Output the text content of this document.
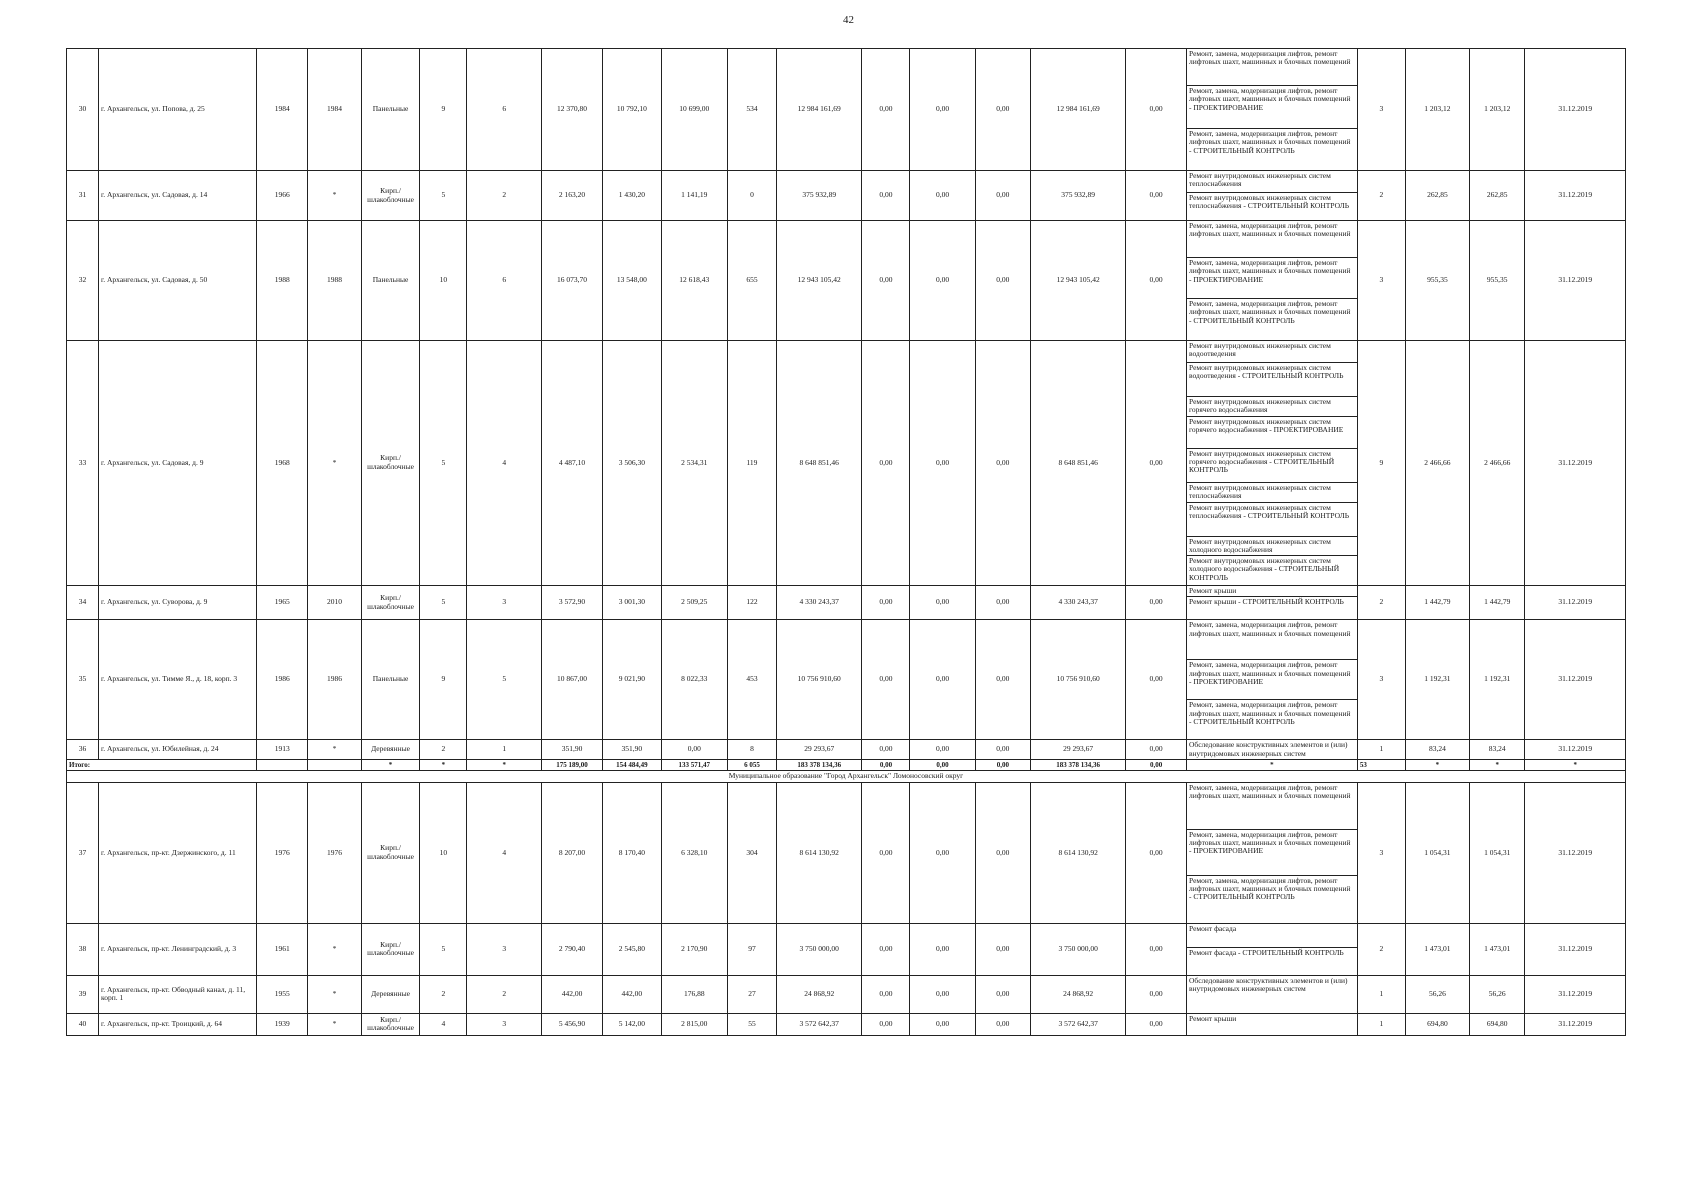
42
30	г. Архангельск, ул. Попова, д. 25	1984	1984	Панельные	9	6	12 370,80	10 792,10	10 699,00	534	12 984 161,69	0,00	0,00	0,00	12 984 161,69	0,00	Ремонт, замена, модернизация лифтов, ремонт лифтовых шахт, машинных и блочных помещений	3	1 203,12	1 203,12	31.12.2019
																	Ремонт, замена, модернизация лифтов, ремонт лифтовых шахт, машинных и блочных помещений - ПРОЕКТИРОВАНИЕ				
																	Ремонт, замена, модернизация лифтов, ремонт лифтовых шахт, машинных и блочных помещений - СТРОИТЕЛЬНЫЙ КОНТРОЛЬ				
31	г. Архангельск, ул. Садовая, д. 14	1966	*	Кирп./ шлакоблочные	5	2	2 163,20	1 430,20	1 141,19	0	375 932,89	0,00	0,00	0,00	375 932,89	0,00	Ремонт внутридомовых инженерных систем теплоснабжения	2	262,85	262,85	31.12.2019
																	Ремонт внутридомовых инженерных систем теплоснабжения - СТРОИТЕЛЬНЫЙ КОНТРОЛЬ				
32	г. Архангельск, ул. Садовая, д. 50	1988	1988	Панельные	10	6	16 073,70	13 548,00	12 618,43	655	12 943 105,42	0,00	0,00	0,00	12 943 105,42	0,00	Ремонт, замена, модернизация лифтов, ремонт лифтовых шахт, машинных и блочных помещений	3	955,35	955,35	31.12.2019
																	Ремонт, замена, модернизация лифтов, ремонт лифтовых шахт, машинных и блочных помещений - ПРОЕКТИРОВАНИЕ				
																	Ремонт, замена, модернизация лифтов, ремонт лифтовых шахт, машинных и блочных помещений - СТРОИТЕЛЬНЫЙ КОНТРОЛЬ				
33	г. Архангельск, ул. Садовая, д. 9	1968	*	Кирп./ шлакоблочные	5	4	4 487,10	3 506,30	2 534,31	119	8 648 851,46	0,00	0,00	0,00	8 648 851,46	0,00	Ремонт внутридомовых инженерных систем водоотведения	9	2 466,66	2 466,66	31.12.2019
																	Ремонт внутридомовых инженерных систем водоотведения - СТРОИТЕЛЬНЫЙ КОНТРОЛЬ				
																	Ремонт внутридомовых инженерных систем горячего водоснабжения				
																	Ремонт внутридомовых инженерных систем горячего водоснабжения - ПРОЕКТИРОВАНИЕ				
																	Ремонт внутридомовых инженерных систем горячего водоснабжения - СТРОИТЕЛЬНЫЙ КОНТРОЛЬ				
																	Ремонт внутридомовых инженерных систем теплоснабжения				
																	Ремонт внутридомовых инженерных систем теплоснабжения - СТРОИТЕЛЬНЫЙ КОНТРОЛЬ				
																	Ремонт внутридомовых инженерных систем холодного водоснабжения				
																	Ремонт внутридомовых инженерных систем холодного водоснабжения - СТРОИТЕЛЬНЫЙ КОНТРОЛЬ				
34	г. Архангельск, ул. Суворова, д. 9	1965	2010	Кирп./ шлакоблочные	5	3	3 572,90	3 001,30	2 509,25	122	4 330 243,37	0,00	0,00	0,00	4 330 243,37	0,00	Ремонт крыши	2	1 442,79	1 442,79	31.12.2019
																	Ремонт крыши - СТРОИТЕЛЬНЫЙ КОНТРОЛЬ				
35	г. Архангельск, ул. Тимме Я., д. 18, корп. 3	1986	1986	Панельные	9	5	10 867,00	9 021,90	8 022,33	453	10 756 910,60	0,00	0,00	0,00	10 756 910,60	0,00	Ремонт, замена, модернизация лифтов, ремонт лифтовых шахт, машинных и блочных помещений	3	1 192,31	1 192,31	31.12.2019
																	Ремонт, замена, модернизация лифтов, ремонт лифтовых шахт, машинных и блочных помещений - ПРОЕКТИРОВАНИЕ				
																	Ремонт, замена, модернизация лифтов, ремонт лифтовых шахт, машинных и блочных помещений - СТРОИТЕЛЬНЫЙ КОНТРОЛЬ				
36	г. Архангельск, ул. Юбилейная, д. 24	1913	*	Деревянные	2	1	351,90	351,90	0,00	8	29 293,67	0,00	0,00	0,00	29 293,67	0,00	Обследование конструктивных элементов и (или) внутридомовых инженерных систем	1	83,24	83,24	31.12.2019
Итого:				*	*	*	175 189,00	154 484,49	133 571,47	6 055	183 378 134,36	0,00	0,00	0,00	183 378 134,36	0,00	*	53	*	*	*
Муниципальное образование "Город Архангельск" Ломоносовский округ																					
37	г. Архангельск, пр-кт. Дзержинского, д. 11	1976	1976	Кирп./ шлакоблочные	10	4	8 207,00	8 170,40	6 328,10	304	8 614 130,92	0,00	0,00	0,00	8 614 130,92	0,00	Ремонт, замена, модернизация лифтов, ремонт лифтовых шахт, машинных и блочных помещений	3	1 054,31	1 054,31	31.12.2019
																	Ремонт, замена, модернизация лифтов, ремонт лифтовых шахт, машинных и блочных помещений - ПРОЕКТИРОВАНИЕ				
																	Ремонт, замена, модернизация лифтов, ремонт лифтовых шахт, машинных и блочных помещений - СТРОИТЕЛЬНЫЙ КОНТРОЛЬ				
38	г. Архангельск, пр-кт. Ленинградский, д. 3	1961	*	Кирп./ шлакоблочные	5	3	2 790,40	2 545,80	2 170,90	97	3 750 000,00	0,00	0,00	0,00	3 750 000,00	0,00	Ремонт фасада	2	1 473,01	1 473,01	31.12.2019
																	Ремонт фасада - СТРОИТЕЛЬНЫЙ КОНТРОЛЬ				
39	г. Архангельск, пр-кт. Обводный канал, д. 11, корп. 1	1955	*	Деревянные	2	2	442,00	442,00	176,88	27	24 868,92	0,00	0,00	0,00	24 868,92	0,00	Обследование конструктивных элементов и (или) внутридомовых инженерных систем	1	56,26	56,26	31.12.2019
40	г. Архангельск, пр-кт. Троицкий, д. 64	1939	*	Кирп./ шлакоблочные	4	3	5 456,90	5 142,00	2 815,00	55	3 572 642,37	0,00	0,00	0,00	3 572 642,37	0,00	Ремонт крыши	1	694,80	694,80	31.12.2019
